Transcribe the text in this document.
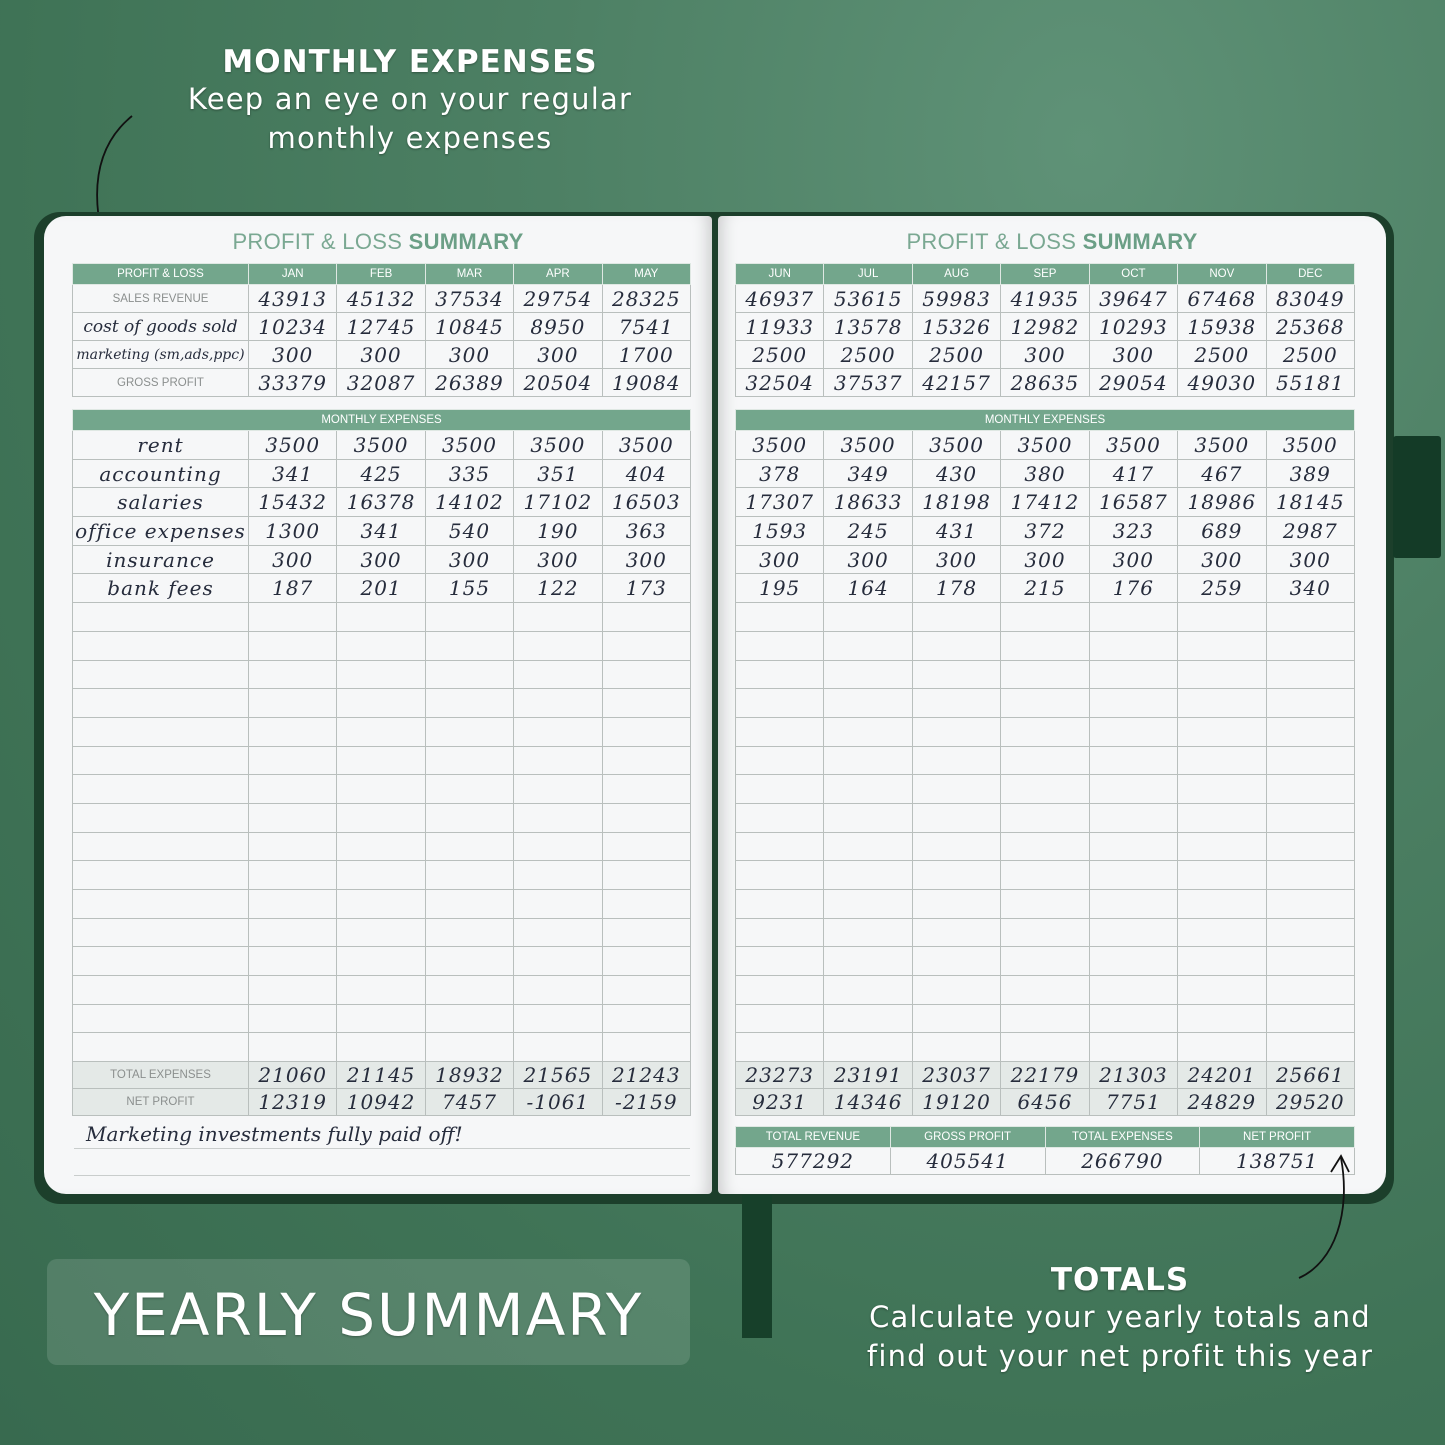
MONTHLY EXPENSES
Keep an eye on your regular
monthly expenses
PROFIT & LOSS SUMMARY
PROFIT & LOSS	JAN	FEB	MAR	APR	MAY
SALES REVENUE	43913	45132	37534	29754	28325
cost of goods sold	10234	12745	10845	8950	7541
marketing (sm,ads,ppc)	300	300	300	300	1700
GROSS PROFIT	33379	32087	26389	20504	19084
MONTHLY EXPENSES					
rent	3500	3500	3500	3500	3500
accounting	341	425	335	351	404
salaries	15432	16378	14102	17102	16503
office expenses	1300	341	540	190	363
insurance	300	300	300	300	300
bank fees	187	201	155	122	173

TOTAL EXPENSES	21060	21145	18932	21565	21243
NET PROFIT	12319	10942	7457	-1061	-2159
Marketing investments fully paid off!
PROFIT & LOSS SUMMARY
JUN	JUL	AUG	SEP	OCT	NOV	DEC
46937	53615	59983	41935	39647	67468	83049
11933	13578	15326	12982	10293	15938	25368
2500	2500	2500	300	300	2500	2500
32504	37537	42157	28635	29054	49030	55181
MONTHLY EXPENSES						
3500	3500	3500	3500	3500	3500	3500
378	349	430	380	417	467	389
17307	18633	18198	17412	16587	18986	18145
1593	245	431	372	323	689	2987
300	300	300	300	300	300	300
195	164	178	215	176	259	340

23273	23191	23037	22179	21303	24201	25661
9231	14346	19120	6456	7751	24829	29520
TOTAL REVENUE	GROSS PROFIT	TOTAL EXPENSES	NET PROFIT
577292	405541	266790	138751
YEARLY SUMMARY
TOTALS
Calculate your yearly totals and
find out your net profit this year
